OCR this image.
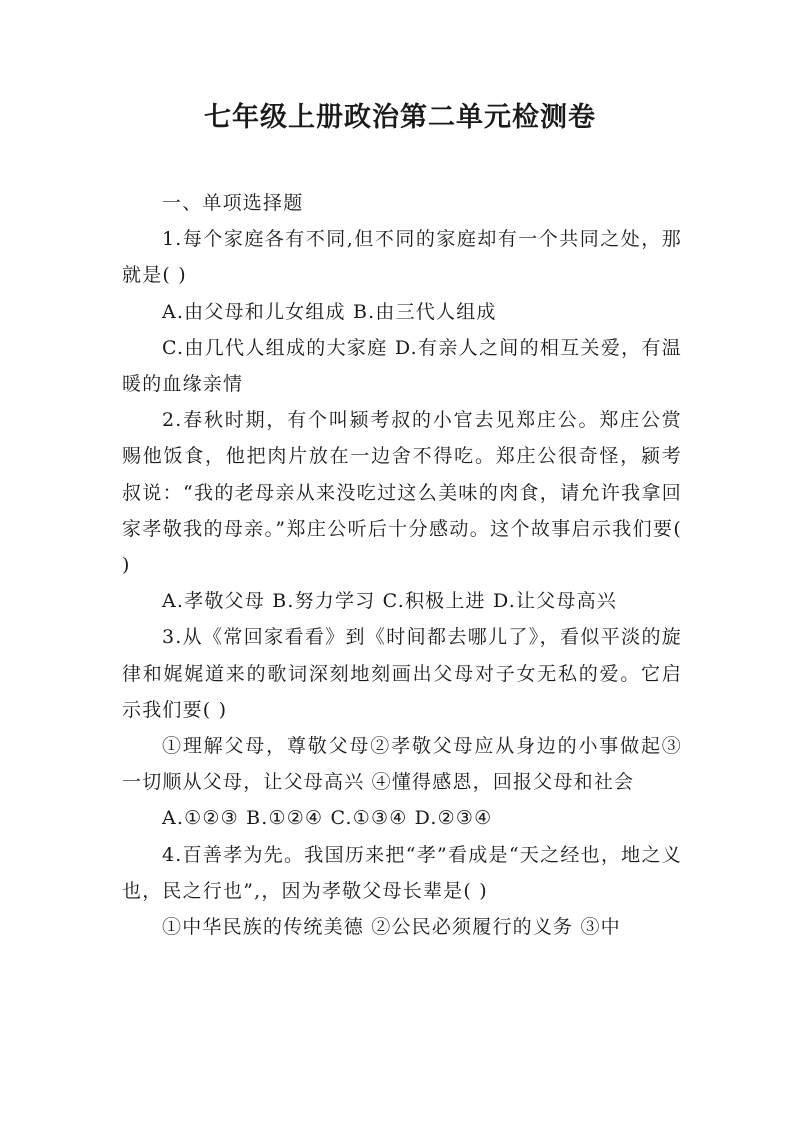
七年级上册政治第二单元检测卷

一、单项选择题

1.每个家庭各有不同,但不同的家庭却有一个共同之处，那就是( )

A.由父母和儿女组成 B.由三代人组成

C.由几代人组成的大家庭 D.有亲人之间的相互关爱，有温暖的血缘亲情

2.春秋时期，有个叫颍考叔的小官去见郑庄公。郑庄公赏赐他饭食，他把肉片放在一边舍不得吃。郑庄公很奇怪，颍考叔说：“我的老母亲从来没吃过这么美味的肉食，请允许我拿回家孝敬我的母亲。”郑庄公听后十分感动。这个故事启示我们要( )

A.孝敬父母 B.努力学习 C.积极上进 D.让父母高兴

3.从《常回家看看》到《时间都去哪儿了》，看似平淡的旋律和娓娓道来的歌词深刻地刻画出父母对子女无私的爱。它启示我们要( )

①理解父母，尊敬父母②孝敬父母应从身边的小事做起③一切顺从父母，让父母高兴 ④懂得感恩，回报父母和社会

A.①②③ B.①②④ C.①③④ D.②③④

4.百善孝为先。我国历来把“孝”看成是“天之经也，地之义也，民之行也”,，因为孝敬父母长辈是( )

①中华民族的传统美德 ②公民必须履行的义务 ③中
